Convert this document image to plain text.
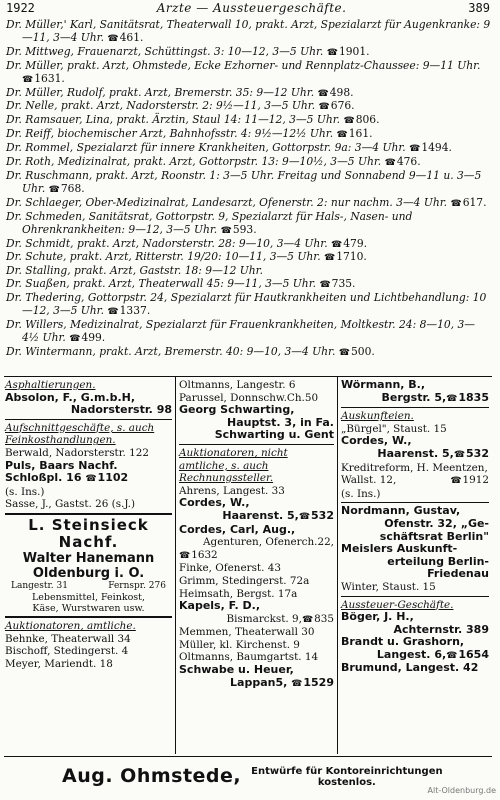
1922	Ärzte — Aussteuergeschäfte.	389
Dr. Müller,' Karl, Sanitätsrat, Theaterwall 10, prakt. Arzt, Spezialarzt für Augenkranke: 9—11, 3—4 Uhr. ☎ 461.
Dr. Mittweg, Frauenarzt, Schüttingst. 3: 10—12, 3—5 Uhr. ☎ 1901.
Dr. Müller, prakt. Arzt, Ohmstede, Ecke Ezhorner- und Rennplatz-Chaussee: 9—11 Uhr. ☎ 1631.
Dr. Müller, Rudolf, prakt. Arzt, Bremerstr. 35: 9—12 Uhr. ☎ 498.
Dr. Nelle, prakt. Arzt, Nadorsterstr. 2: 9½—11, 3—5 Uhr. ☎ 676.
Dr. Ramsauer, Lina, prakt. Ärztin, Staul 14: 11—12, 3—5 Uhr. ☎ 806.
Dr. Reiff, biochemischer Arzt, Bahnhofsstr. 4: 9½—12½ Uhr. ☎ 161.
Dr. Rommel, Spezialarzt für innere Krankheiten, Gottorpstr. 9a: 3—4 Uhr. ☎ 1494.
Dr. Roth, Medizinalrat, prakt. Arzt, Gottorpstr. 13: 9—10½, 3—5 Uhr. ☎ 476.
Dr. Ruschmann, prakt. Arzt, Roonstr. 1: 3—5 Uhr. Freitag und Sonnabend 9—11 u. 3—5 Uhr. ☎ 768.
Dr. Schlaeger, Ober-Medizinalrat, Landesarzt, Ofenerstr. 2: nur nachm. 3—4 Uhr. ☎ 617.
Dr. Schmeden, Sanitätsrat, Gottorpstr. 9, Spezialarzt für Hals-, Nasen- und Ohrenkrankheiten: 9—12, 3—5 Uhr. ☎ 593.
Dr. Schmidt, prakt. Arzt, Nadorsterstr. 28: 9—10, 3—4 Uhr. ☎ 479.
Dr. Schute, prakt. Arzt, Ritterstr. 19/20: 10—11, 3—5 Uhr. ☎ 1710.
Dr. Stalling, prakt. Arzt, Gaststr. 18: 9—12 Uhr.
Dr. Suaßen, prakt. Arzt, Theaterwall 45: 9—11, 3—5 Uhr. ☎ 735.
Dr. Thedering, Gottorpstr. 24, Spezialarzt für Hautkrankheiten und Lichtbehandlung: 10—12, 3—5 Uhr. ☎ 1337.
Dr. Willers, Medizinalrat, Spezialarzt für Frauenkrankheiten, Moltkestr. 24: 8—10, 3—4½ Uhr. ☎ 499.
Dr. Wintermann, prakt. Arzt, Bremerstr. 40: 9—10, 3—4 Uhr. ☎ 500.
Asphaltierungen.
Absolon, F., G.m.b.H,
Nadorsterstr. 98
Aufschnittgeschäfte, s. auch Feinkosthandlungen.
Berwald, Nadorsterstr. 122
Puls, Baars Nachf.
Schloßpl. 16 ☎ 1102
(s. Ins.)
Sasse, J., Gastst. 26 (s.J.)
L. Steinsieck
Nachf.
Walter Hanemann
Oldenburg i. O.
Langestr. 31	Fernspr. 276
Lebensmittel, Feinkost,
Käse, Wurstwaren usw.
Auktionatoren, amtliche.
Behnke, Theaterwall 34
Bischoff, Stedingerst. 4
Meyer, Mariendt. 18
Oltmanns, Langestr. 6
Parussel, Donnschw.Ch.50
Georg Schwarting,
Hauptst. 3, in Fa.
Schwarting u. Gent
Auktionatoren, nicht amtliche, s. auch Rechnungssteller.
Ahrens, Langest. 33
Cordes, W.,
Haarenst. 5, ☎ 532
Cordes, Carl, Aug.,
Agenturen, Ofenerch.22,
☎ 1632
Finke, Ofenerst. 43
Grimm, Stedingerst. 72a
Heimsath, Bergst. 17a
Kapels, F. D.,
Bismarckst. 9, ☎ 835
Memmen, Theaterwall 30
Müller, kl. Kirchenst. 9
Oltmanns, Baumgartst. 14
Schwabe u. Heuer,
Lappan5, ☎ 1529
Wörmann, B.,
Bergstr. 5, ☎ 1835
Auskunfteien.
„Bürgel", Staust. 15
Cordes, W.,
Haarenst. 5, ☎ 532
Kreditreform, H. Meentzen,
Wallst. 12, ☎	1912
(s. Ins.)
Nordmann, Gustav,
Ofenstr. 32, „Ge-
schäftsrat Berlin"
Meislers Auskunft-
erteilung Berlin-
Friedenau
Winter, Staust. 15
Aussteuer-Geschäfte.
Böger, J. H.,
Achternstr. 389
Brandt u. Grashorn,
Langest. 6, ☎ 1654
Brumund, Langest. 42
Aug. Ohmstede, Entwürfe für Kontoreinrichtungen
kostenlos.
Alt-Oldenburg.de
